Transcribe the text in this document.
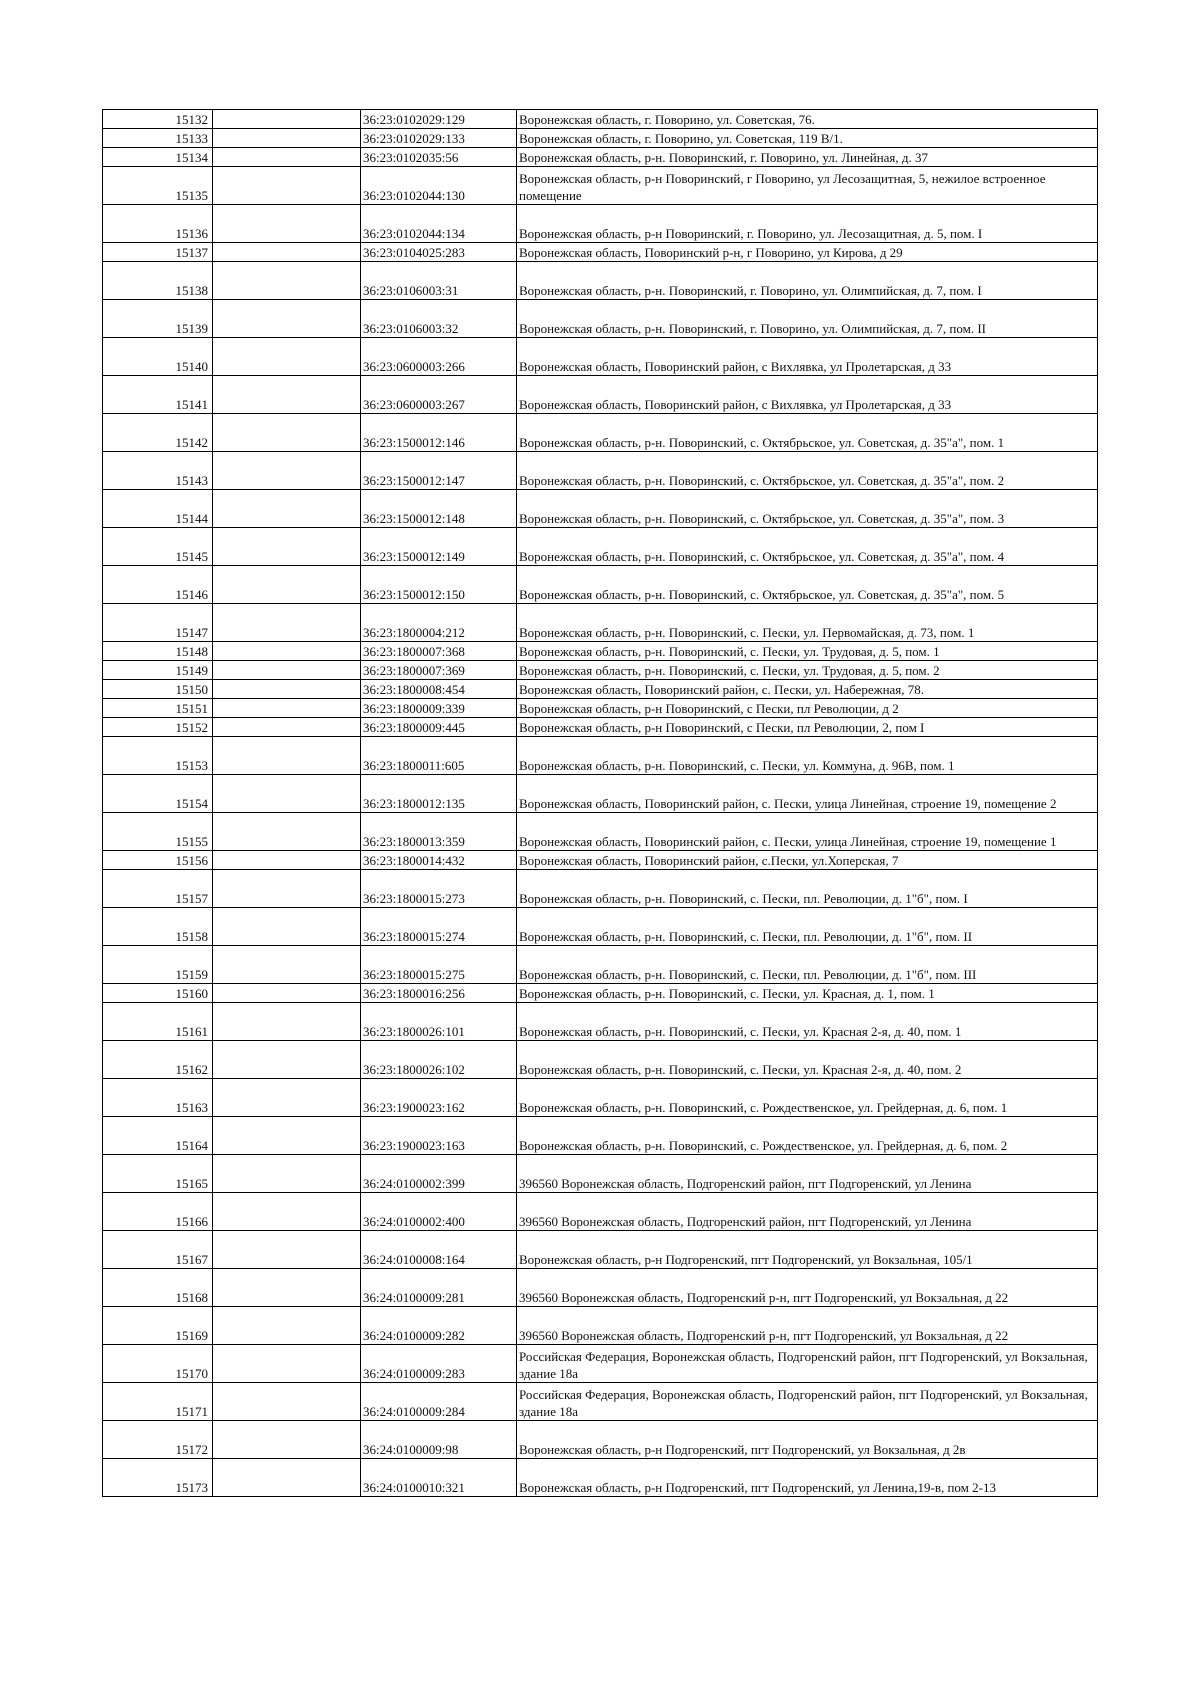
15132		36:23:0102029:129	Воронежская область, г. Поворино, ул. Советская, 76.
15133		36:23:0102029:133	Воронежская область, г. Поворино, ул. Советская, 119 В/1.
15134		36:23:0102035:56	Воронежская область, р-н. Поворинский, г. Поворино, ул. Линейная, д. 37
15135		36:23:0102044:130	Воронежская область, р-н Поворинский, г Поворино, ул Лесозащитная, 5, нежилое встроенное помещение
15136		36:23:0102044:134	Воронежская область, р-н Поворинский, г. Поворино, ул. Лесозащитная, д. 5, пом. I
15137		36:23:0104025:283	Воронежская область, Поворинский р-н, г Поворино, ул Кирова, д 29
15138		36:23:0106003:31	Воронежская область, р-н. Поворинский, г. Поворино, ул. Олимпийская, д. 7, пом. I
15139		36:23:0106003:32	Воронежская область, р-н. Поворинский, г. Поворино, ул. Олимпийская, д. 7, пом. II
15140		36:23:0600003:266	Воронежская область, Поворинский район, с Вихлявка, ул Пролетарская, д 33
15141		36:23:0600003:267	Воронежская область, Поворинский район, с Вихлявка, ул Пролетарская, д 33
15142		36:23:1500012:146	Воронежская область, р-н. Поворинский, с. Октябрьское, ул. Советская, д. 35"а", пом. 1
15143		36:23:1500012:147	Воронежская область, р-н. Поворинский, с. Октябрьское, ул. Советская, д. 35"а", пом. 2
15144		36:23:1500012:148	Воронежская область, р-н. Поворинский, с. Октябрьское, ул. Советская, д. 35"а", пом. 3
15145		36:23:1500012:149	Воронежская область, р-н. Поворинский, с. Октябрьское, ул. Советская, д. 35"а", пом. 4
15146		36:23:1500012:150	Воронежская область, р-н. Поворинский, с. Октябрьское, ул. Советская, д. 35"а", пом. 5
15147		36:23:1800004:212	Воронежская область, р-н. Поворинский, с. Пески, ул. Первомайская, д. 73, пом. 1
15148		36:23:1800007:368	Воронежская область, р-н. Поворинский, с. Пески, ул. Трудовая, д. 5, пом. 1
15149		36:23:1800007:369	Воронежская область, р-н. Поворинский, с. Пески, ул. Трудовая, д. 5, пом. 2
15150		36:23:1800008:454	Воронежская область, Поворинский район, с. Пески, ул. Набережная, 78.
15151		36:23:1800009:339	Воронежская область, р-н Поворинский, с Пески, пл Революции, д 2
15152		36:23:1800009:445	Воронежская область, р-н Поворинский, с Пески, пл Революции, 2, пом I
15153		36:23:1800011:605	Воронежская область, р-н. Поворинский, с. Пески, ул. Коммуна, д. 96В, пом. 1
15154		36:23:1800012:135	Воронежская область, Поворинский район, с. Пески, улица Линейная, строение 19, помещение 2
15155		36:23:1800013:359	Воронежская область, Поворинский район, с. Пески, улица Линейная, строение 19, помещение 1
15156		36:23:1800014:432	Воронежская область, Поворинский район, с.Пески, ул.Хоперская, 7
15157		36:23:1800015:273	Воронежская область, р-н. Поворинский, с. Пески, пл. Революции, д. 1"б", пом. I
15158		36:23:1800015:274	Воронежская область, р-н. Поворинский, с. Пески, пл. Революции, д. 1"б", пом. II
15159		36:23:1800015:275	Воронежская область, р-н. Поворинский, с. Пески, пл. Революции, д. 1"б", пом. III
15160		36:23:1800016:256	Воронежская область, р-н. Поворинский, с. Пески, ул. Красная, д. 1, пом. 1
15161		36:23:1800026:101	Воронежская область, р-н. Поворинский, с. Пески, ул. Красная 2-я, д. 40, пом. 1
15162		36:23:1800026:102	Воронежская область, р-н. Поворинский, с. Пески, ул. Красная 2-я, д. 40, пом. 2
15163		36:23:1900023:162	Воронежская область, р-н. Поворинский, с. Рождественское, ул. Грейдерная, д. 6, пом. 1
15164		36:23:1900023:163	Воронежская область, р-н. Поворинский, с. Рождественское, ул. Грейдерная, д. 6, пом. 2
15165		36:24:0100002:399	396560 Воронежская область, Подгоренский район, пгт Подгоренский, ул Ленина
15166		36:24:0100002:400	396560 Воронежская область, Подгоренский район, пгт Подгоренский, ул Ленина
15167		36:24:0100008:164	Воронежская область, р-н Подгоренский, пгт Подгоренский, ул Вокзальная, 105/1
15168		36:24:0100009:281	396560 Воронежская область, Подгоренский р-н, пгт Подгоренский, ул Вокзальная, д 22
15169		36:24:0100009:282	396560 Воронежская область, Подгоренский р-н, пгт Подгоренский, ул Вокзальная, д 22
15170		36:24:0100009:283	Российская Федерация, Воронежская область, Подгоренский район, пгт Подгоренский, ул Вокзальная, здание 18а
15171		36:24:0100009:284	Российская Федерация, Воронежская область, Подгоренский район, пгт Подгоренский, ул Вокзальная, здание 18а
15172		36:24:0100009:98	Воронежская область, р-н Подгоренский, пгт Подгоренский, ул Вокзальная, д 2в
15173		36:24:0100010:321	Воронежская область, р-н Подгоренский, пгт Подгоренский, ул Ленина,19-в, пом 2-13
